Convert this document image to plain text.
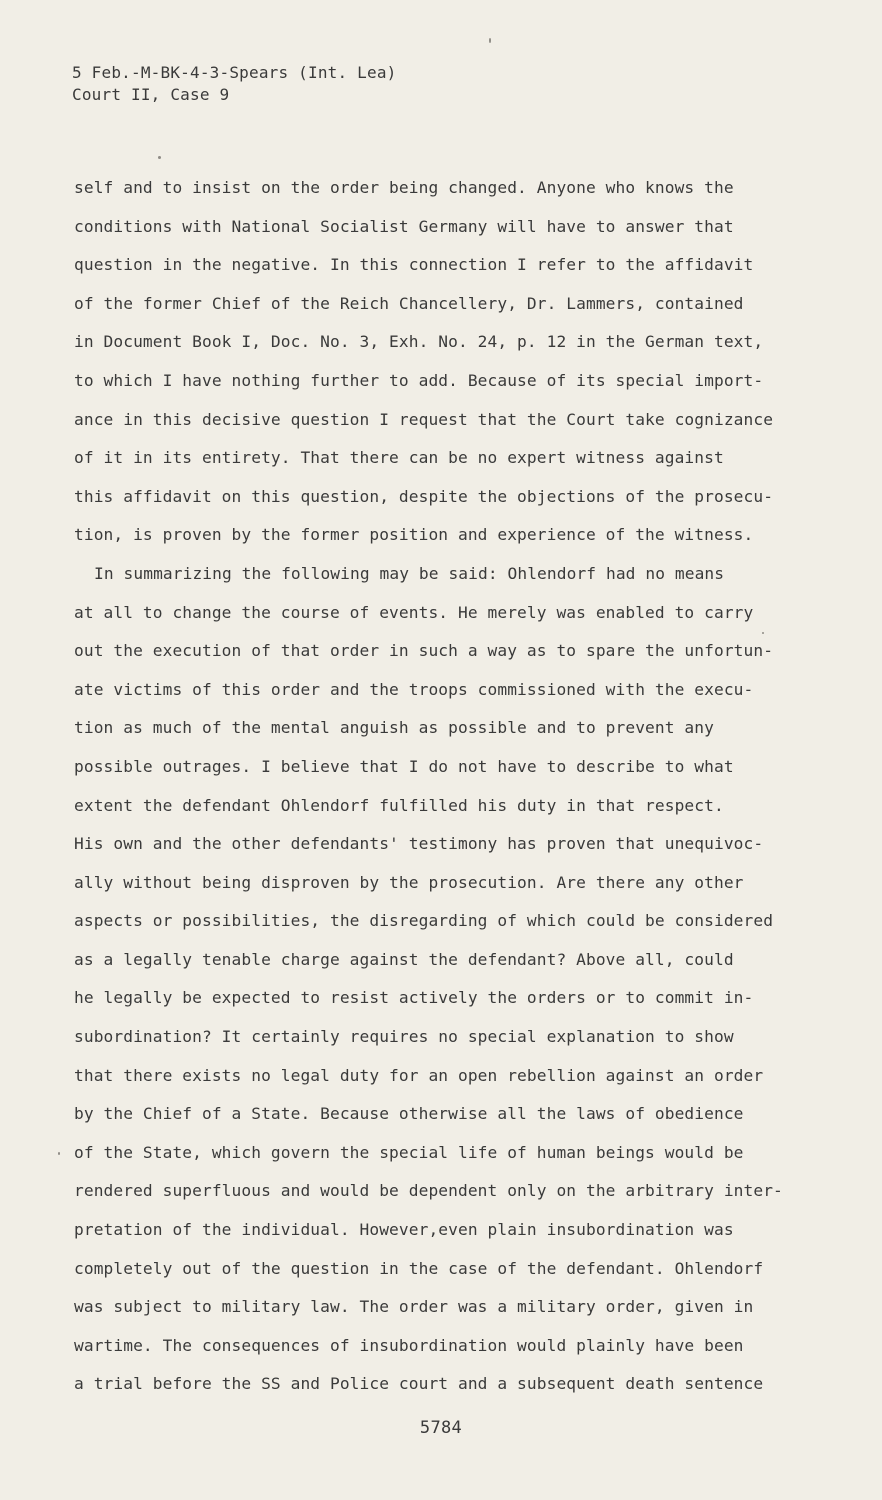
5 Feb.-M-BK-4-3-Spears (Int. Lea)
Court II, Case 9
self and to insist on the order being changed. Anyone who knows the
conditions with National Socialist Germany will have to answer that
question in the negative. In this connection I refer to the affidavit
of the former Chief of the Reich Chancellery, Dr. Lammers, contained
in Document Book I, Doc. No. 3, Exh. No. 24, p. 12 in the German text,
to which I have nothing further to add. Because of its special import-
ance in this decisive question I request that the Court take cognizance
of it in its entirety. That there can be no expert witness against
this affidavit on this question, despite the objections of the prosecu-
tion, is proven by the former position and experience of the witness.
In summarizing the following may be said: Ohlendorf had no means
at all to change the course of events. He merely was enabled to carry
out the execution of that order in such a way as to spare the unfortun-
ate victims of this order and the troops commissioned with the execu-
tion as much of the mental anguish as possible and to prevent any
possible outrages. I believe that I do not have to describe to what
extent the defendant Ohlendorf fulfilled his duty in that respect.
His own and the other defendants' testimony has proven that unequivoc-
ally without being disproven by the prosecution. Are there any other
aspects or possibilities, the disregarding of which could be considered
as a legally tenable charge against the defendant? Above all, could
he legally be expected to resist actively the orders or to commit in-
subordination? It certainly requires no special explanation to show
that there exists no legal duty for an open rebellion against an order
by the Chief of a State. Because otherwise all the laws of obedience
of the State, which govern the special life of human beings would be
rendered superfluous and would be dependent only on the arbitrary inter-
pretation of the individual. However,even plain insubordination was
completely out of the question in the case of the defendant. Ohlendorf
was subject to military law. The order was a military order, given in
wartime. The consequences of insubordination would plainly have been
a trial before the SS and Police court and a subsequent death sentence
5784
